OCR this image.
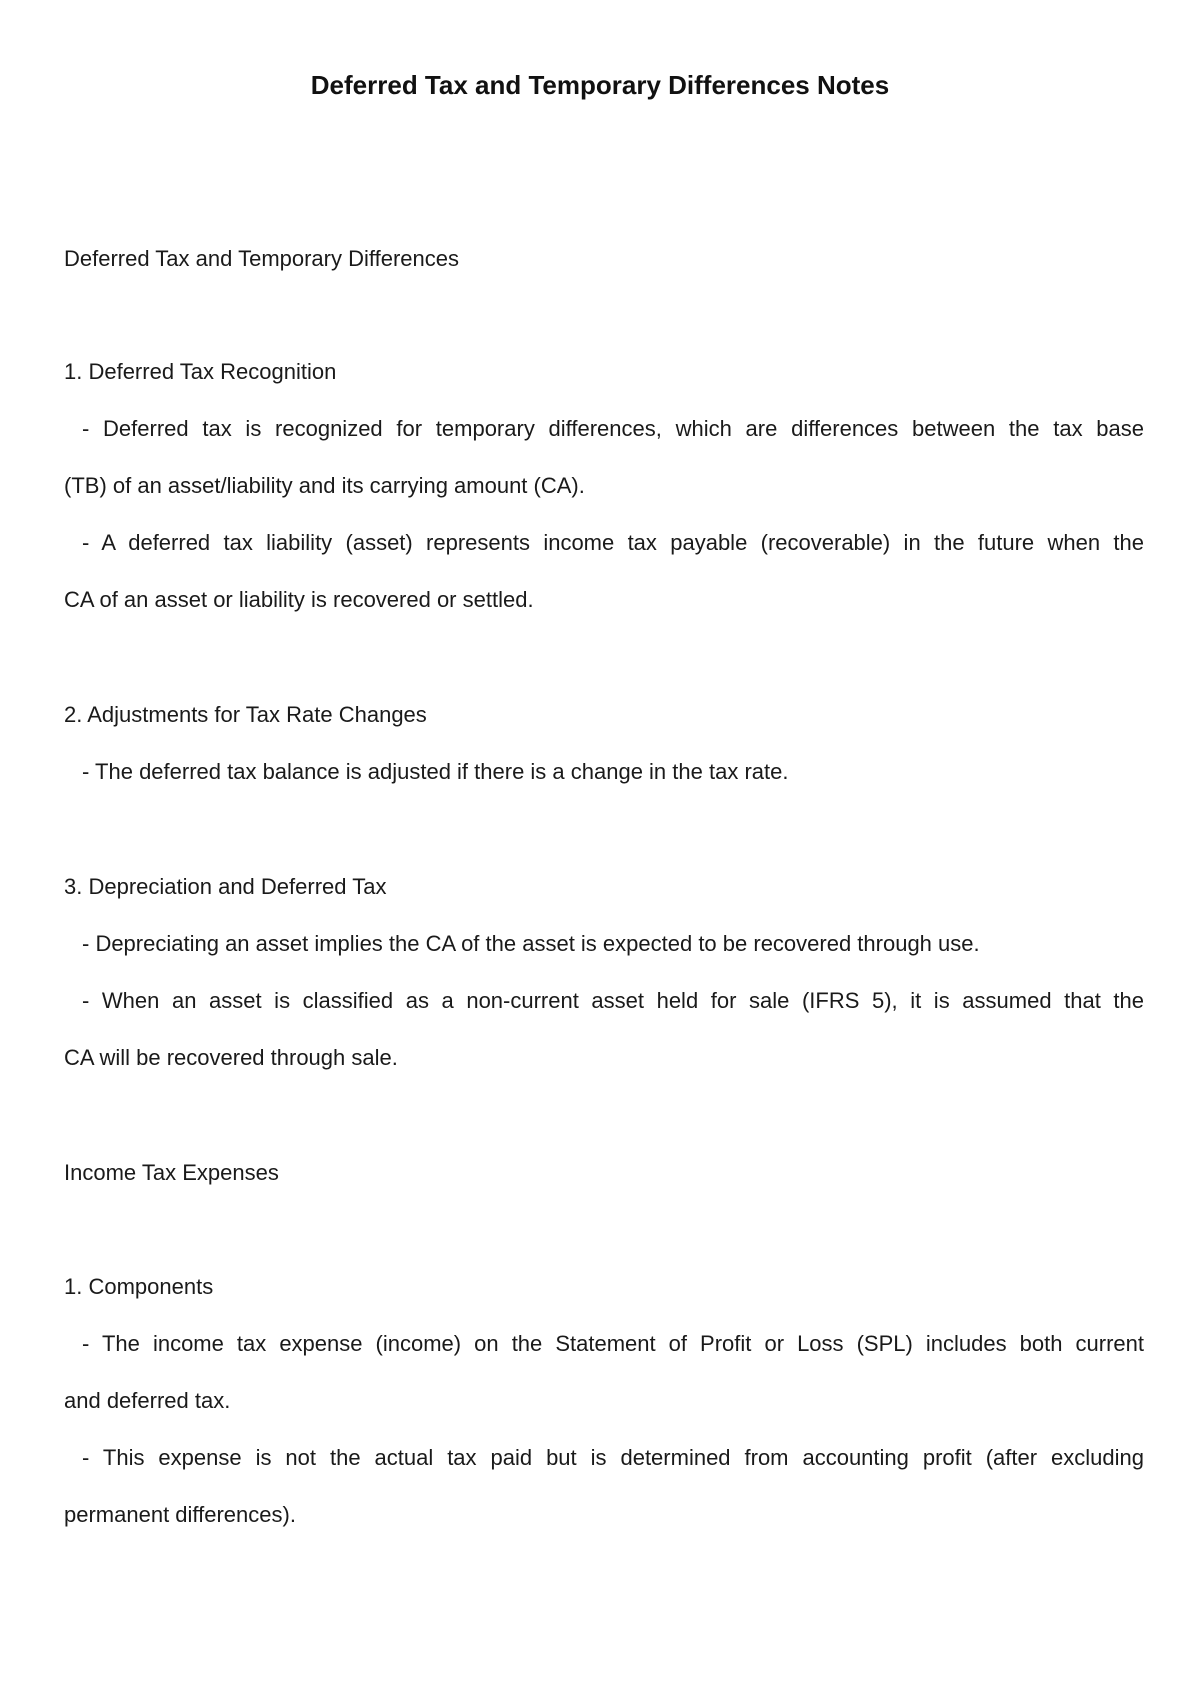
Deferred Tax and Temporary Differences Notes

Deferred Tax and Temporary Differences

1. Deferred Tax Recognition

- Deferred tax is recognized for temporary differences, which are differences between the tax base

(TB) of an asset/liability and its carrying amount (CA).

- A deferred tax liability (asset) represents income tax payable (recoverable) in the future when the

CA of an asset or liability is recovered or settled.

2. Adjustments for Tax Rate Changes

- The deferred tax balance is adjusted if there is a change in the tax rate.

3. Depreciation and Deferred Tax

- Depreciating an asset implies the CA of the asset is expected to be recovered through use.

- When an asset is classified as a non-current asset held for sale (IFRS 5), it is assumed that the

CA will be recovered through sale.

Income Tax Expenses

1. Components

- The income tax expense (income) on the Statement of Profit or Loss (SPL) includes both current

and deferred tax.

- This expense is not the actual tax paid but is determined from accounting profit (after excluding

permanent differences).
